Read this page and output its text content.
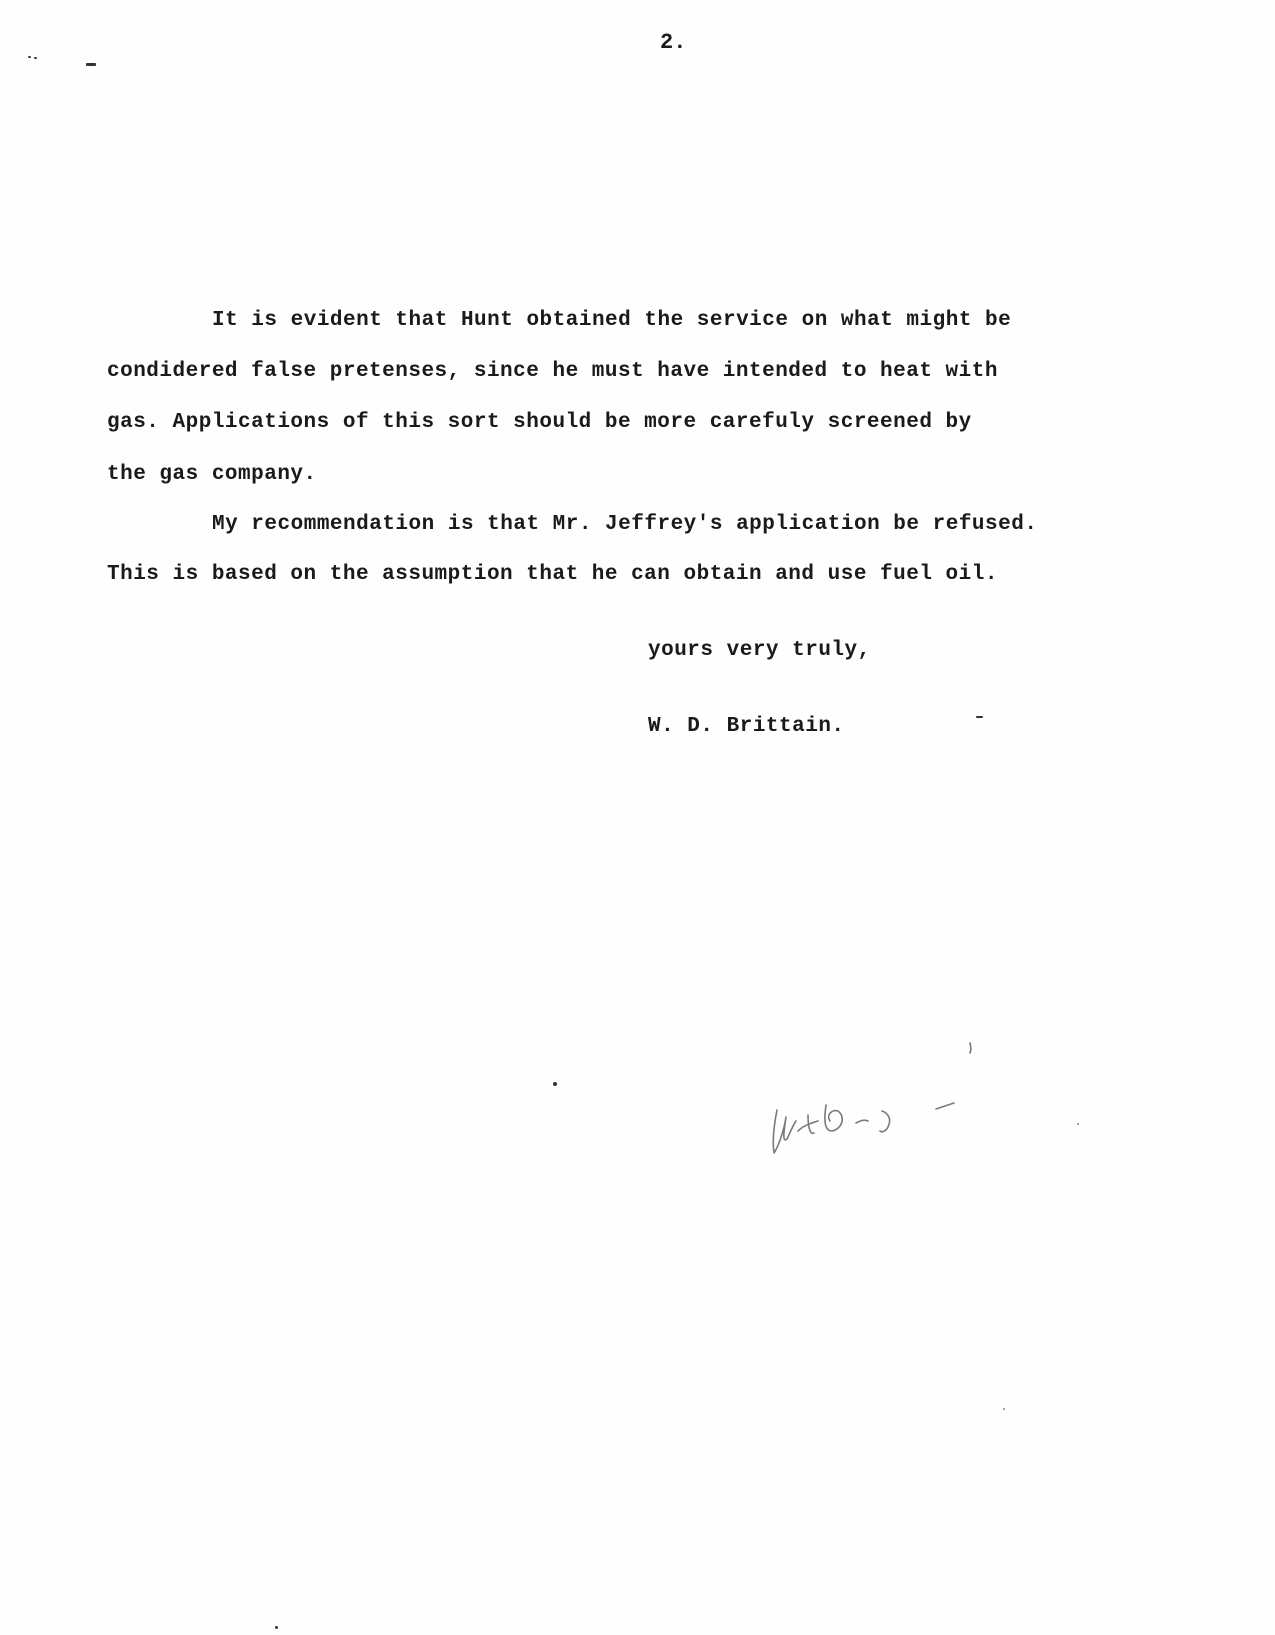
2.
It is evident that Hunt obtained the service on what might be
condidered false pretenses, since he must have intended to heat with
gas. Applications of this sort should be more carefuly screened by
the gas company.
My recommendation is that Mr. Jeffrey's application be refused.
This is based on the assumption that he can obtain and use fuel oil.
yours very truly,
W. D. Brittain.
